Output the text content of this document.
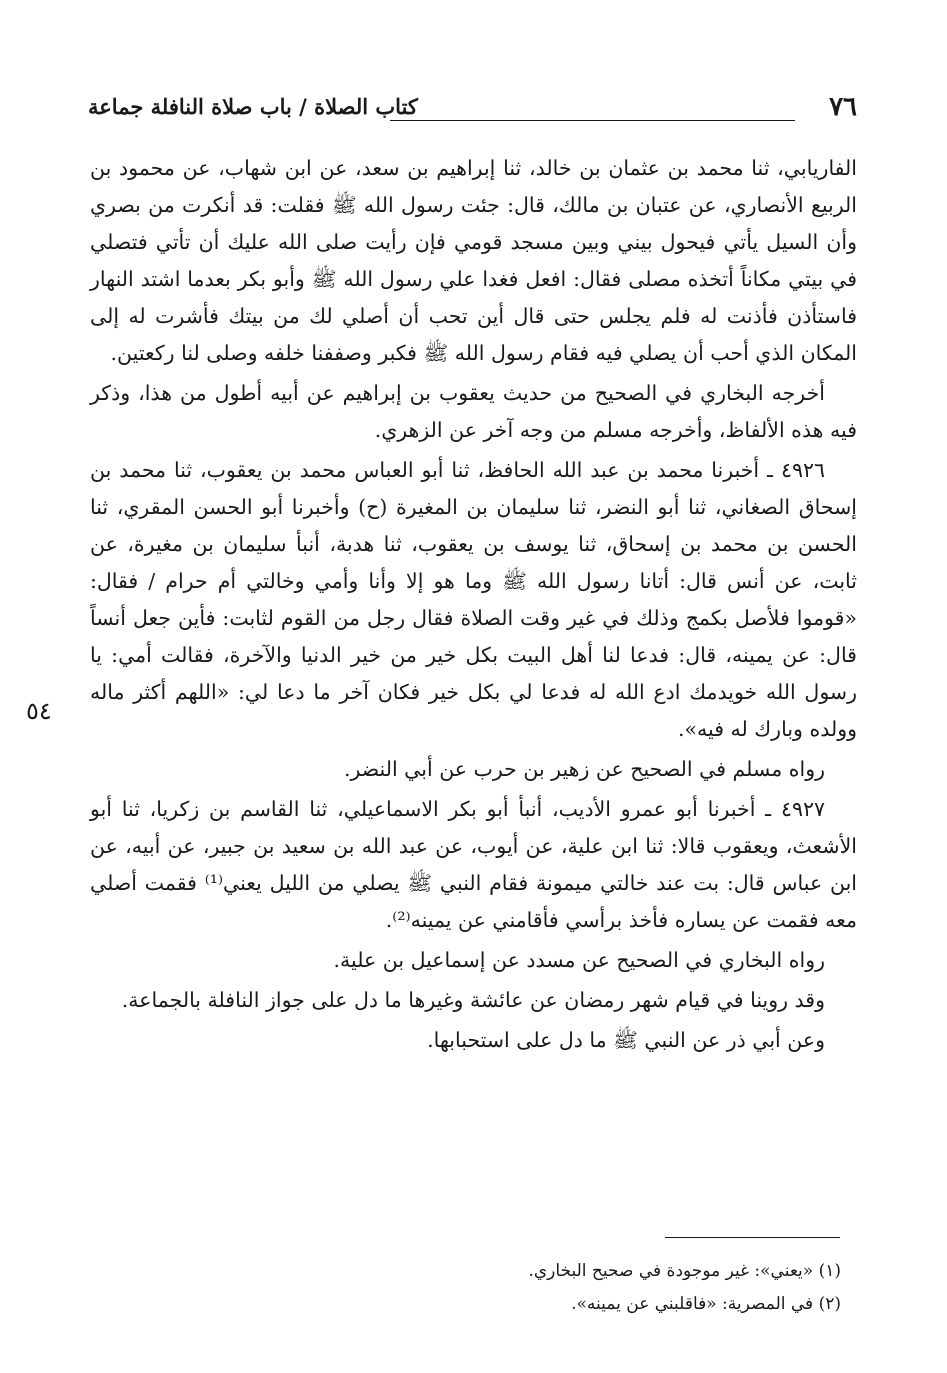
٧٦
كتاب الصلاة / باب صلاة النافلة جماعة

الفاريابي، ثنا محمد بن عثمان بن خالد، ثنا إبراهيم بن سعد، عن ابن شهاب، عن محمود بن الربيع الأنصاري، عن عتبان بن مالك، قال: جئت رسول الله ﷺ فقلت: قد أنكرت من بصري وأن السيل يأتي فيحول بيني وبين مسجد قومي فإن رأيت صلى الله عليك أن تأتي فتصلي في بيتي مكاناً أتخذه مصلى فقال: افعل فغدا علي رسول الله ﷺ وأبو بكر بعدما اشتد النهار فاستأذن فأذنت له فلم يجلس حتى قال أين تحب أن أصلي لك من بيتك فأشرت له إلى المكان الذي أحب أن يصلي فيه فقام رسول الله ﷺ فكبر وصففنا خلفه وصلى لنا ركعتين.

أخرجه البخاري في الصحيح من حديث يعقوب بن إبراهيم عن أبيه أطول من هذا، وذكر فيه هذه الألفاظ، وأخرجه مسلم من وجه آخر عن الزهري.

٤٩٢٦ ـ أخبرنا محمد بن عبد الله الحافظ، ثنا أبو العباس محمد بن يعقوب، ثنا محمد بن إسحاق الصغاني، ثنا أبو النضر، ثنا سليمان بن المغيرة (ح) وأخبرنا أبو الحسن المقري، ثنا الحسن بن محمد بن إسحاق، ثنا يوسف بن يعقوب، ثنا هدبة، أنبأ سليمان بن مغيرة، عن ثابت، عن أنس قال: أتانا رسول الله ﷺ وما هو إلا وأنا وأمي وخالتي أم حرام / فقال: «قوموا فلأصل بكمج وذلك في غير وقت الصلاة فقال رجل من القوم لثابت: فأين جعل أنساً قال: عن يمينه، قال: فدعا لنا أهل البيت بكل خير من خير الدنيا والآخرة، فقالت أمي: يا رسول الله خويدمك ادع الله له فدعا لي بكل خير فكان آخر ما دعا لي: «اللهم أكثر ماله وولده وبارك له فيه».

رواه مسلم في الصحيح عن زهير بن حرب عن أبي النضر.

٤٩٢٧ ـ أخبرنا أبو عمرو الأديب، أنبأ أبو بكر الاسماعيلي، ثنا القاسم بن زكريا، ثنا أبو الأشعث، ويعقوب قالا: ثنا ابن علية، عن أيوب، عن عبد الله بن سعيد بن جبير، عن أبيه، عن ابن عباس قال: بت عند خالتي ميمونة فقام النبي ﷺ يصلي من الليل يعني⁽¹⁾ فقمت أصلي معه فقمت عن يساره فأخذ برأسي فأقامني عن يمينه⁽²⁾.

رواه البخاري في الصحيح عن مسدد عن إسماعيل بن علية.

وقد روينا في قيام شهر رمضان عن عائشة وغيرها ما دل على جواز النافلة بالجماعة.

وعن أبي ذر عن النبي ﷺ ما دل على استحبابها.

٥٤

(١) «يعني»: غير موجودة في صحيح البخاري.

(٢) في المصرية: «فاقلبني عن يمينه».
